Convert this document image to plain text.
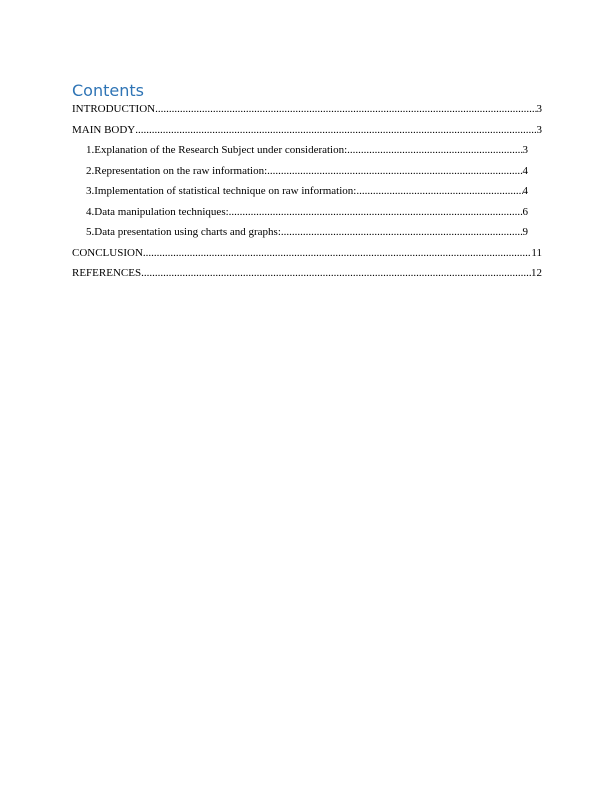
Contents
INTRODUCTION .....	3
MAIN BODY .....	3
1.Explanation of the Research Subject under consideration: .....	3
2.Representation on the raw information: .....	4
3.Implementation of statistical technique on raw information: .....	4
4.Data manipulation techniques: .....	6
5.Data presentation using charts and graphs: .....	9
CONCLUSION .....	11
REFERENCES .....	12
